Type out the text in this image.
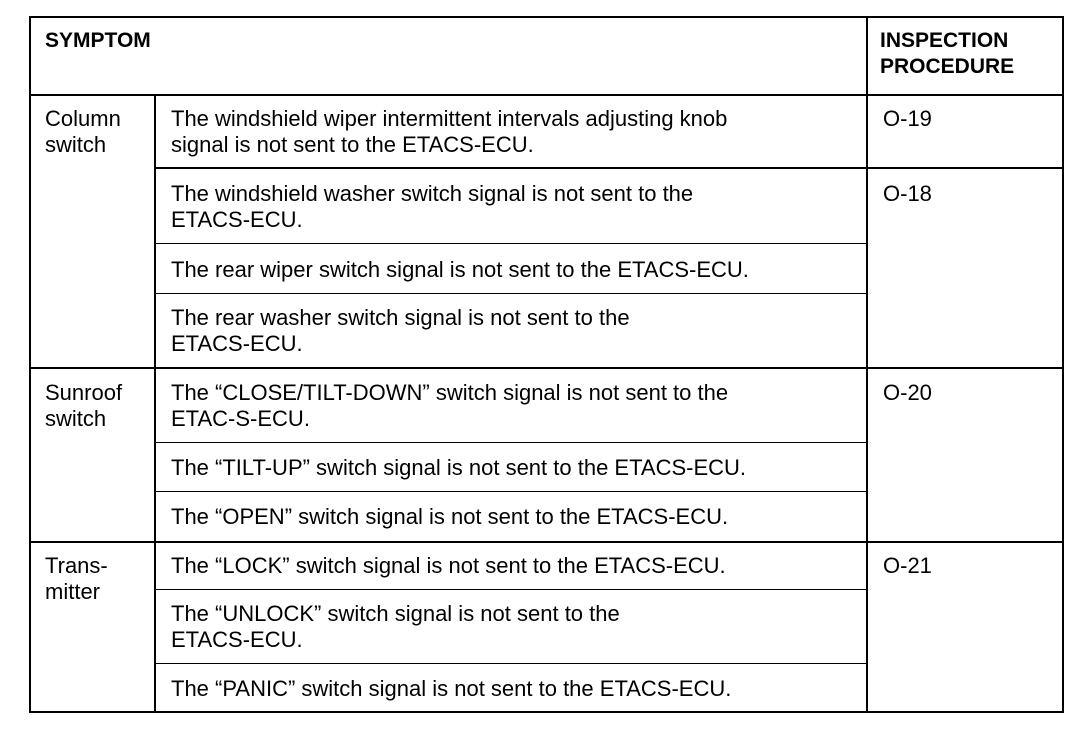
SYMPTOM	INSPECTION
PROCEDURE
Column
switch
The windshield wiper intermittent intervals adjusting knob
signal is not sent to the ETACS-ECU.
O-19
The windshield washer switch signal is not sent to the
ETACS-ECU.
O-18
The rear wiper switch signal is not sent to the ETACS-ECU.
The rear washer switch signal is not sent to the
ETACS-ECU.
Sunroof
switch
The “CLOSE/TILT-DOWN” switch signal is not sent to the
ETAC-S-ECU.
O-20
The “TILT-UP” switch signal is not sent to the ETACS-ECU.
The “OPEN” switch signal is not sent to the ETACS-ECU.
Trans-
mitter
The “LOCK” switch signal is not sent to the ETACS-ECU.	O-21
The “UNLOCK” switch signal is not sent to the
ETACS-ECU.
The “PANIC” switch signal is not sent to the ETACS-ECU.
